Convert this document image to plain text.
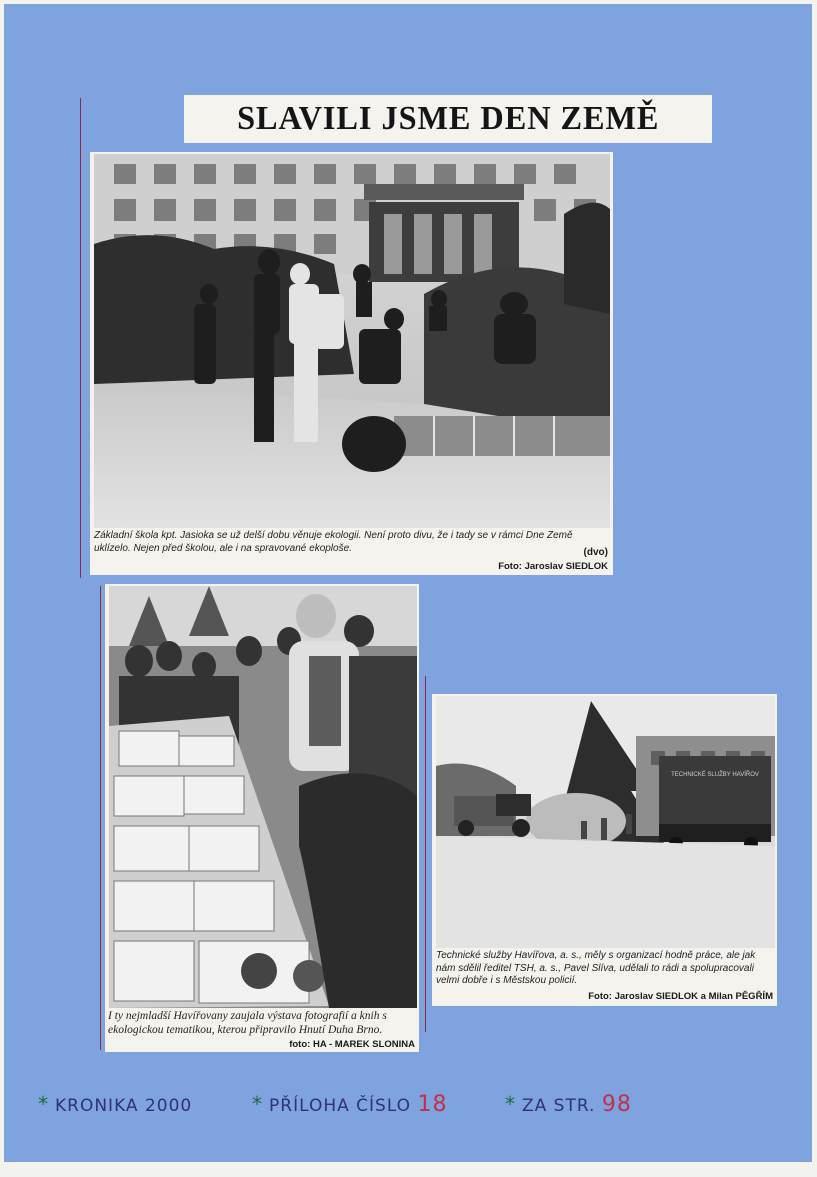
SLAVILI JSME DEN ZEMĚ
Základní škola kpt. Jasioka se už delší dobu věnuje ekologii. Není proto divu, že i tady se v rámci Dne Země uklízelo. Nejen před školou, ale i na spravované ekoploše.	(dvo)
Foto: Jaroslav SIEDLOK
I ty nejmladší Havířovany zaujala výstava fotografií a knih s ekologickou tematikou, kterou připravilo Hnutí Duha Brno.
foto: HA - MAREK SLONINA
TECHNICKÉ SLUŽBY HAVÍŘOV
Technické služby Havířova, a. s., měly s organizací hodně práce, ale jak nám sdělil ředitel TSH, a. s., Pavel Slíva, udělali to rádi a spolupracovali velmi dobře i s Městskou policií.
Foto: Jaroslav SIEDLOK a Milan PĚGŘÍM
* KRONIKA 2000	* PŘÍLOHA ČÍSLO 18	* ZA STR. 98
